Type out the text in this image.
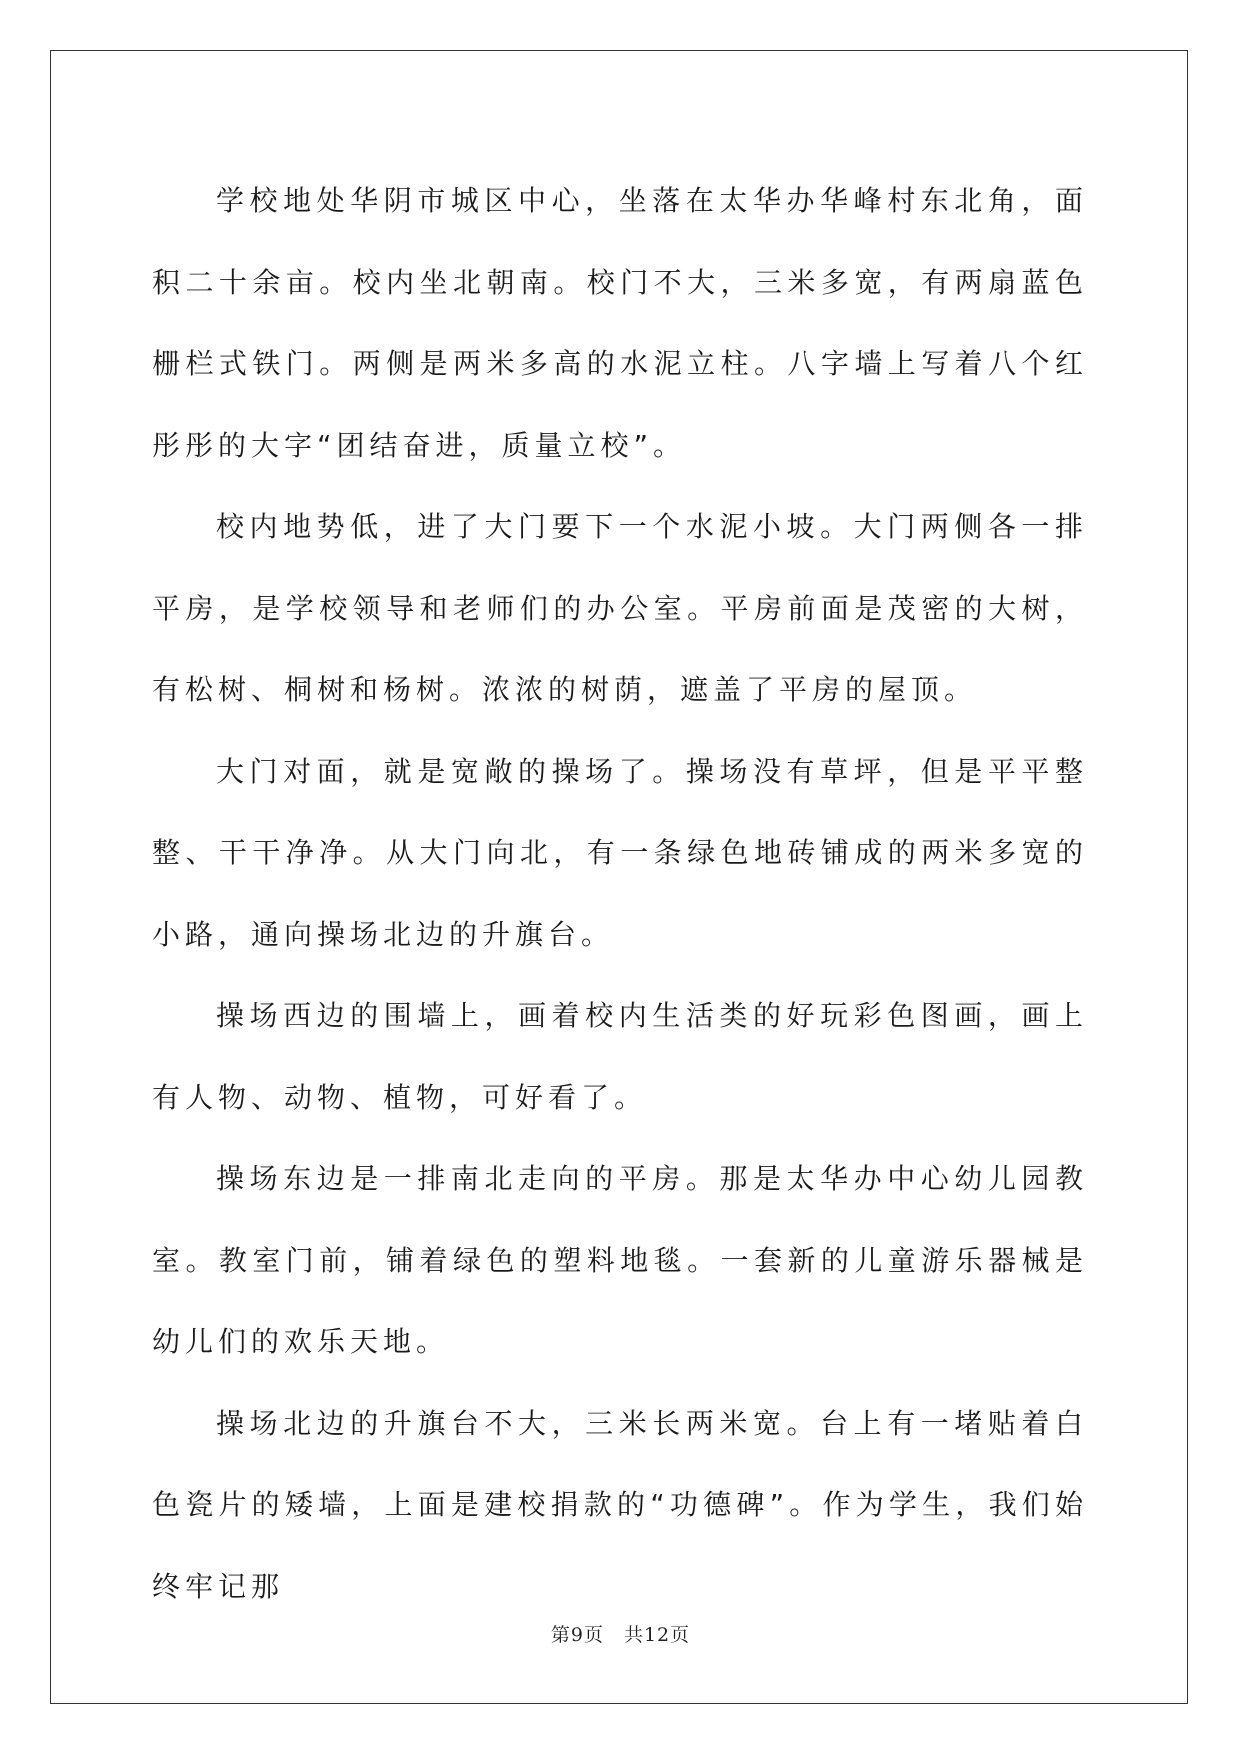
学校地处华阴市城区中心，坐落在太华办华峰村东北角，面积二十余亩。校内坐北朝南。校门不大，三米多宽，有两扇蓝色栅栏式铁门。两侧是两米多高的水泥立柱。八字墙上写着八个红彤彤的大字“团结奋进，质量立校”。

校内地势低，进了大门要下一个水泥小坡。大门两侧各一排平房，是学校领导和老师们的办公室。平房前面是茂密的大树，有松树、桐树和杨树。浓浓的树荫，遮盖了平房的屋顶。

大门对面，就是宽敞的操场了。操场没有草坪，但是平平整整、干干净净。从大门向北，有一条绿色地砖铺成的两米多宽的小路，通向操场北边的升旗台。

操场西边的围墙上，画着校内生活类的好玩彩色图画，画上有人物、动物、植物，可好看了。

操场东边是一排南北走向的平房。那是太华办中心幼儿园教室。教室门前，铺着绿色的塑料地毯。一套新的儿童游乐器械是幼儿们的欢乐天地。

操场北边的升旗台不大，三米长两米宽。台上有一堵贴着白色瓷片的矮墙，上面是建校捐款的“功德碑”。作为学生，我们始终牢记那

第9页　共12页
